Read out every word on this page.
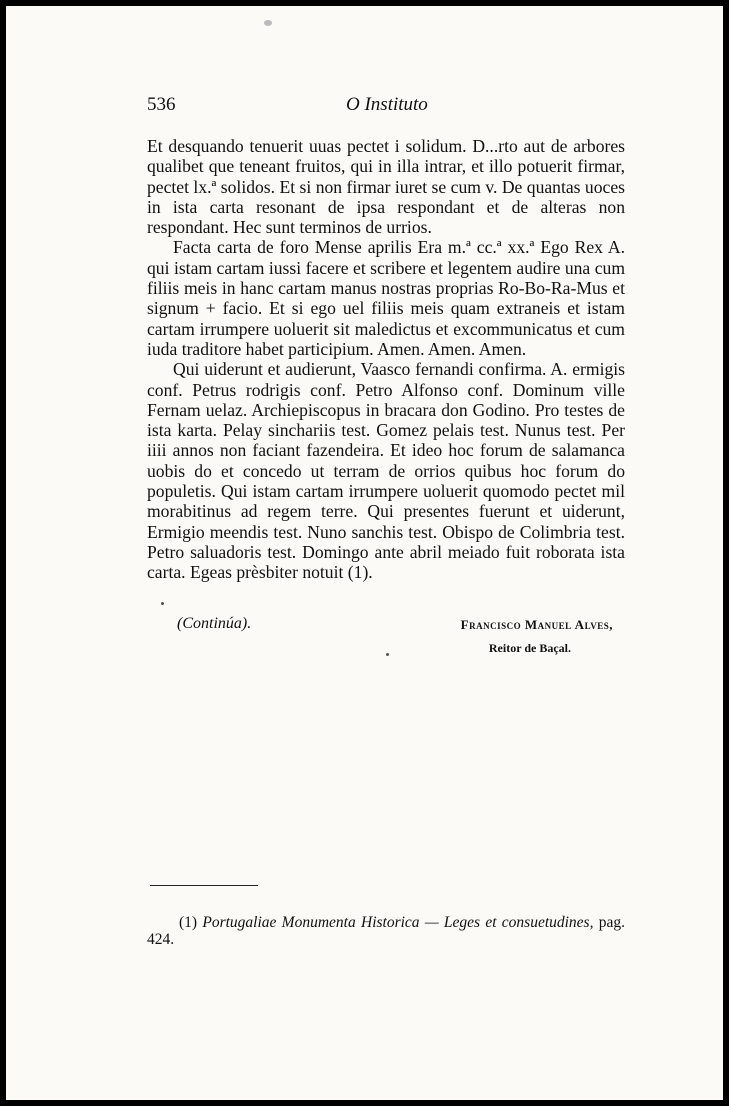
536	O Instituto

Et desquando tenuerit uuas pectet i solidum. D...rto aut de arbores qualibet que teneant fruitos, qui in illa intrar, et illo potuerit firmar, pectet lx.ª solidos. Et si non firmar iuret se cum v. De quantas uoces in ista carta resonant de ipsa respondant et de alteras non respondant. Hec sunt terminos de urrios.

Facta carta de foro Mense aprilis Era m.ª cc.ª xx.ª Ego Rex A. qui istam cartam iussi facere et scribere et legentem audire una cum filiis meis in hanc cartam manus nostras proprias Ro-Bo-Ra-Mus et signum + facio. Et si ego uel filiis meis quam extraneis et istam cartam irrumpere uoluerit sit maledictus et excommunicatus et cum iuda traditore habet participium. Amen. Amen. Amen.

Qui uiderunt et audierunt, Vaasco fernandi confirma. A. ermigis conf. Petrus rodrigis conf. Petro Alfonso conf. Dominum ville Fernam uelaz. Archiepiscopus in bracara don Godino. Pro testes de ista karta. Pelay sinchariis test. Gomez pelais test. Nunus test. Per iiii annos non faciant fazendeira. Et ideo hoc forum de salamanca uobis do et concedo ut terram de orrios quibus hoc forum do populetis. Qui istam cartam irrumpere uoluerit quomodo pectet mil morabitinus ad regem terre. Qui presentes fuerunt et uiderunt, Ermigio meendis test. Nuno sanchis test. Obispo de Colimbria test. Petro saluadoris test. Domingo ante abril meiado fuit roborata ista carta. Egeas prèsbiter notuit (1).

(Continúa).	Francisco Manuel Alves,
Reitor de Baçal.
(1) Portugaliae Monumenta Historica — Leges et consuetudines, pag. 424.
